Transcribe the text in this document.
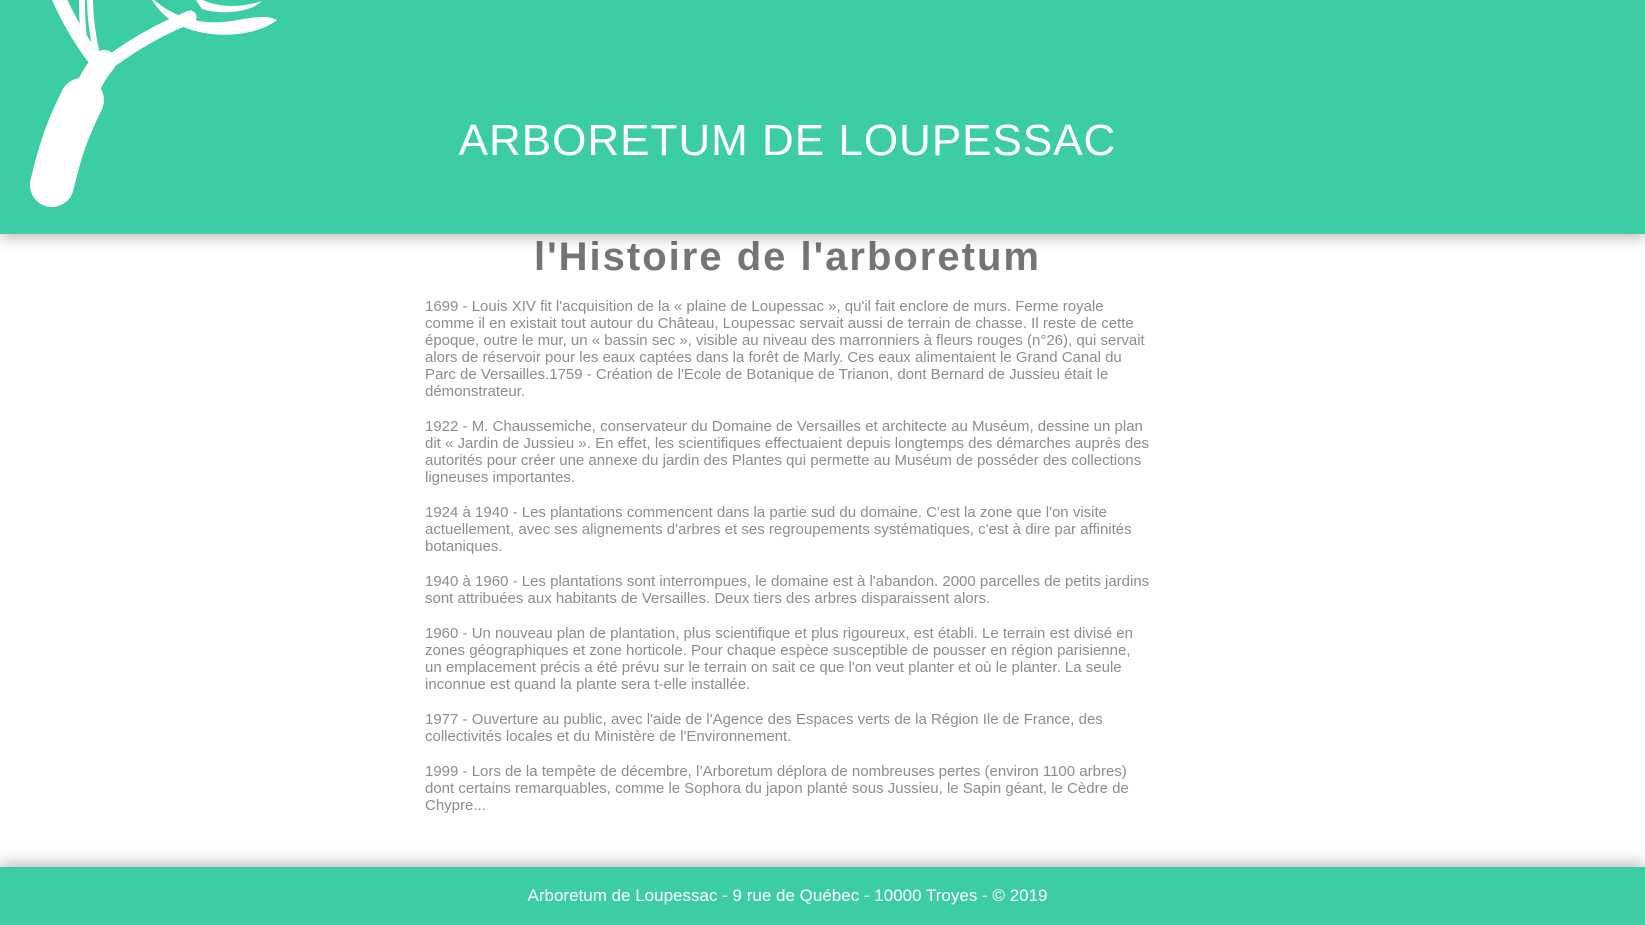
ARBORETUM DE LOUPESSAC
l'Histoire de l'arboretum

1699 - Louis XIV fit l'acquisition de la « plaine de Loupessac », qu'il fait enclore de murs. Ferme royale comme il en existait tout autour du Château, Loupessac servait aussi de terrain de chasse. Il reste de cette époque, outre le mur, un « bassin sec », visible au niveau des marronniers à fleurs rouges (n°26), qui servait alors de réservoir pour les eaux captées dans la forêt de Marly. Ces eaux alimentaient le Grand Canal du Parc de Versailles.1759 - Création de l'Ecole de Botanique de Trianon, dont Bernard de Jussieu était le démonstrateur.

1922 - M. Chaussemiche, conservateur du Domaine de Versailles et architecte au Muséum, dessine un plan dit « Jardin de Jussieu ». En effet, les scientifiques effectuaient depuis longtemps des démarches auprès des autorités pour créer une annexe du jardin des Plantes qui permette au Muséum de posséder des collections ligneuses importantes.

1924 à 1940 - Les plantations commencent dans la partie sud du domaine. C'est la zone que l'on visite actuellement, avec ses alignements d'arbres et ses regroupements systématiques, c'est à dire par affinités botaniques.

1940 à 1960 - Les plantations sont interrompues, le domaine est à l'abandon. 2000 parcelles de petits jardins sont attribuées aux habitants de Versailles. Deux tiers des arbres disparaissent alors.

1960 - Un nouveau plan de plantation, plus scientifique et plus rigoureux, est établi. Le terrain est divisé en zones géographiques et zone horticole. Pour chaque espèce susceptible de pousser en région parisienne, un emplacement précis a été prévu sur le terrain on sait ce que l'on veut planter et où le planter. La seule inconnue est quand la plante sera t-elle installée.

1977 - Ouverture au public, avec l'aide de l'Agence des Espaces verts de la Région Ile de France, des collectivités locales et du Ministère de l'Environnement.

1999 - Lors de la tempête de décembre, l’Arboretum déplora de nombreuses pertes (environ 1100 arbres) dont certains remarquables, comme le Sophora du japon planté sous Jussieu, le Sapin géant, le Cèdre de Chypre...

Arboretum de Loupessac - 9 rue de Québec - 10000 Troyes - © 2019
